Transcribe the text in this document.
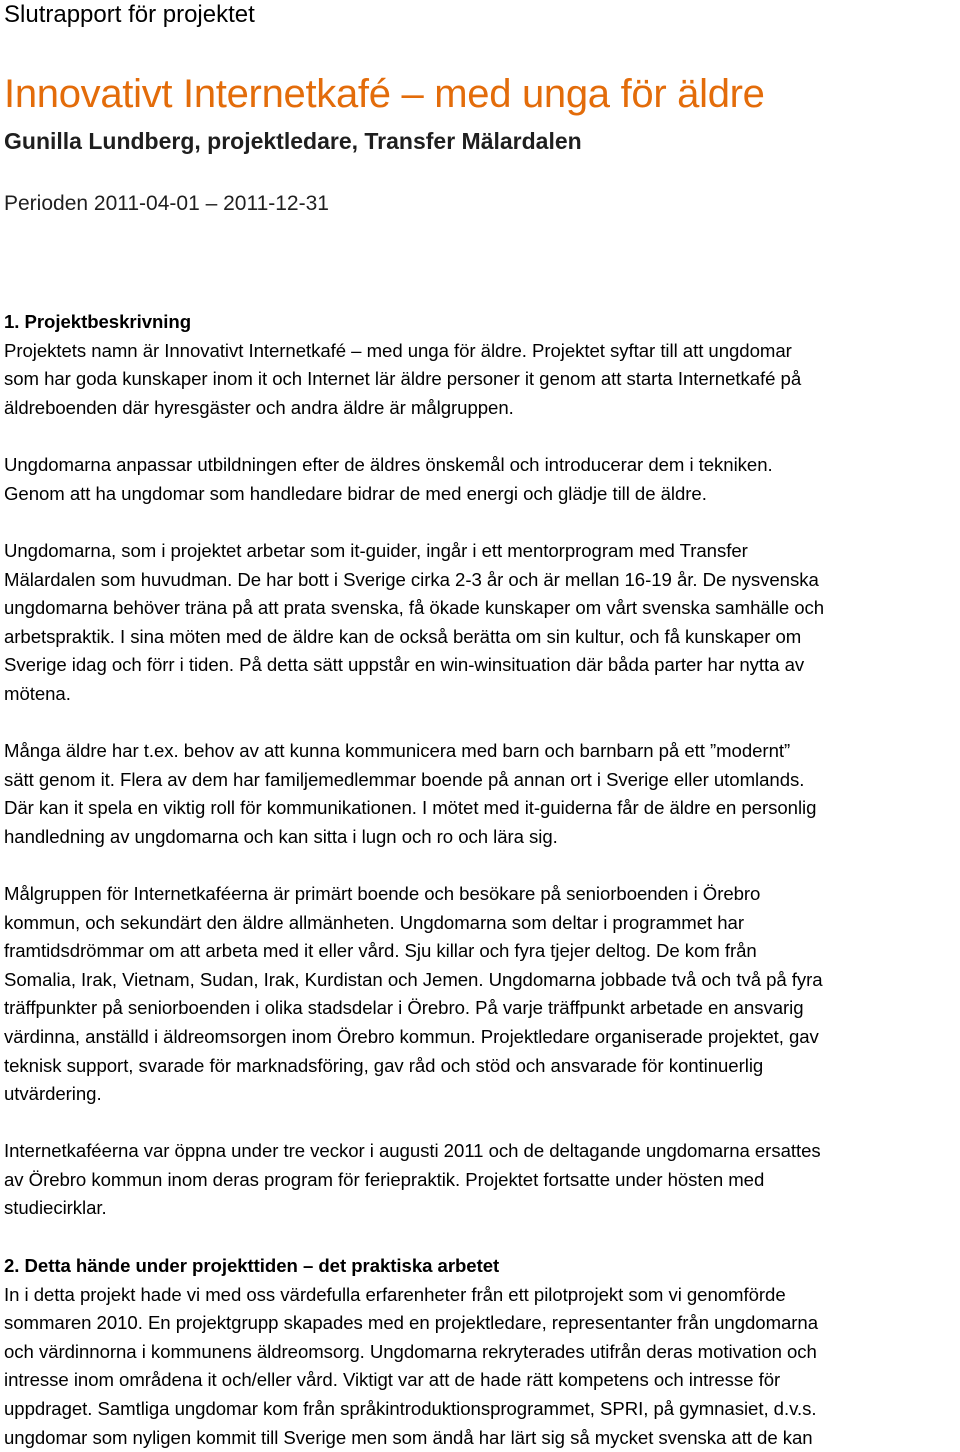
Slutrapport för projektet
Innovativt Internetkafé – med unga för äldre
Gunilla Lundberg, projektledare, Transfer Mälardalen
Perioden 2011-04-01 – 2011-12-31
1. Projektbeskrivning
Projektets namn är Innovativt Internetkafé – med unga för äldre. Projektet syftar till att ungdomar
som har goda kunskaper inom it och Internet lär äldre personer it genom att starta Internetkafé på
äldreboenden där hyresgäster och andra äldre är målgruppen.
Ungdomarna anpassar utbildningen efter de äldres önskemål och introducerar dem i tekniken.
Genom att ha ungdomar som handledare bidrar de med energi och glädje till de äldre.
Ungdomarna, som i projektet arbetar som it-guider, ingår i ett mentorprogram med Transfer
Mälardalen som huvudman. De har bott i Sverige cirka 2-3 år och är mellan 16-19 år. De nysvenska
ungdomarna behöver träna på att prata svenska, få ökade kunskaper om vårt svenska samhälle och
arbetspraktik. I sina möten med de äldre kan de också berätta om sin kultur, och få kunskaper om
Sverige idag och förr i tiden. På detta sätt uppstår en win-winsituation där båda parter har nytta av
mötena.
Många äldre har t.ex. behov av att kunna kommunicera med barn och barnbarn på ett ”modernt”
sätt genom it. Flera av dem har familjemedlemmar boende på annan ort i Sverige eller utomlands.
Där kan it spela en viktig roll för kommunikationen. I mötet med it-guiderna får de äldre en personlig
handledning av ungdomarna och kan sitta i lugn och ro och lära sig.
Målgruppen för Internetkaféerna är primärt boende och besökare på seniorboenden i Örebro
kommun, och sekundärt den äldre allmänheten. Ungdomarna som deltar i programmet har
framtidsdrömmar om att arbeta med it eller vård. Sju killar och fyra tjejer deltog. De kom från
Somalia, Irak, Vietnam, Sudan, Irak, Kurdistan och Jemen. Ungdomarna jobbade två och två på fyra
träffpunkter på seniorboenden i olika stadsdelar i Örebro. På varje träffpunkt arbetade en ansvarig
värdinna, anställd i äldreomsorgen inom Örebro kommun. Projektledare organiserade projektet, gav
teknisk support, svarade för marknadsföring, gav råd och stöd och ansvarade för kontinuerlig
utvärdering.
Internetkaféerna var öppna under tre veckor i augusti 2011 och de deltagande ungdomarna ersattes
av Örebro kommun inom deras program för feriepraktik. Projektet fortsatte under hösten med
studiecirklar.
2. Detta hände under projekttiden – det praktiska arbetet
In i detta projekt hade vi med oss värdefulla erfarenheter från ett pilotprojekt som vi genomförde
sommaren 2010. En projektgrupp skapades med en projektledare, representanter från ungdomarna
och värdinnorna i kommunens äldreomsorg. Ungdomarna rekryterades utifrån deras motivation och
intresse inom områdena it och/eller vård. Viktigt var att de hade rätt kompetens och intresse för
uppdraget. Samtliga ungdomar kom från språkintroduktionsprogrammet, SPRI, på gymnasiet, d.v.s.
ungdomar som nyligen kommit till Sverige men som ändå har lärt sig så mycket svenska att de kan
